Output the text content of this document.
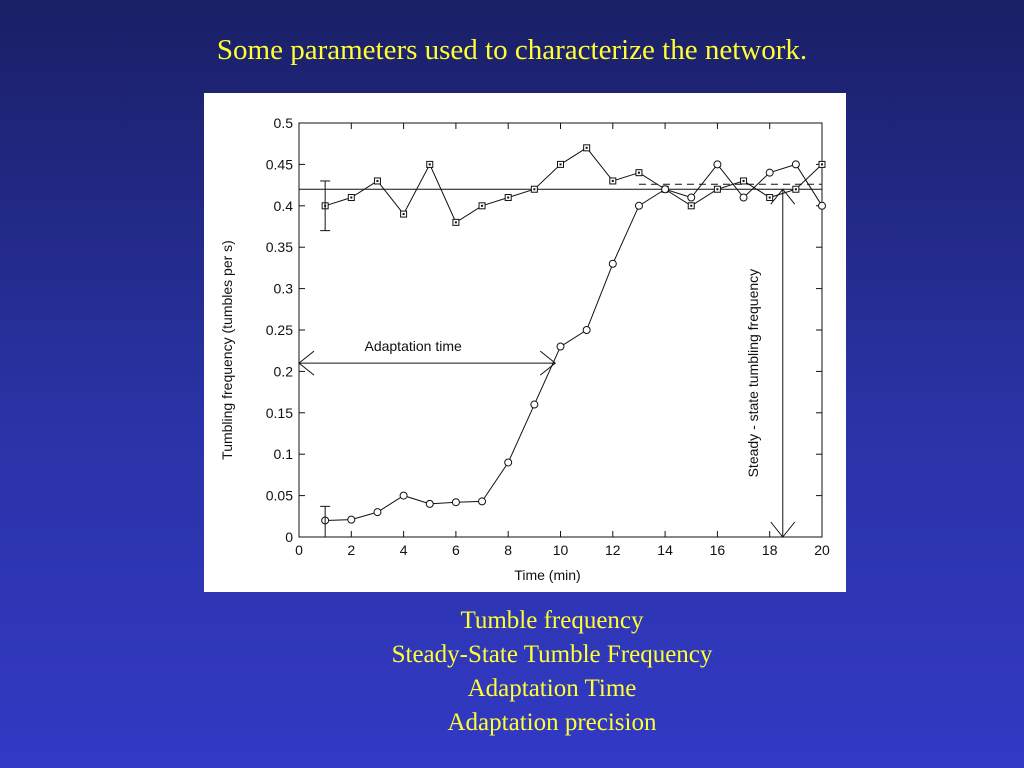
Some parameters used to characterize the network.
0	2	4	6	8	10	12	14	16	18	20
0
0.05
0.1
0.15
0.2
0.25
0.3
0.35
0.4
0.45
0.5
Time (min)
Tumbling frequency (tumbles per s)	Adaptation time	Steady - state tumbling frequency
Tumble frequency
Steady-State Tumble Frequency
Adaptation Time
Adaptation precision
